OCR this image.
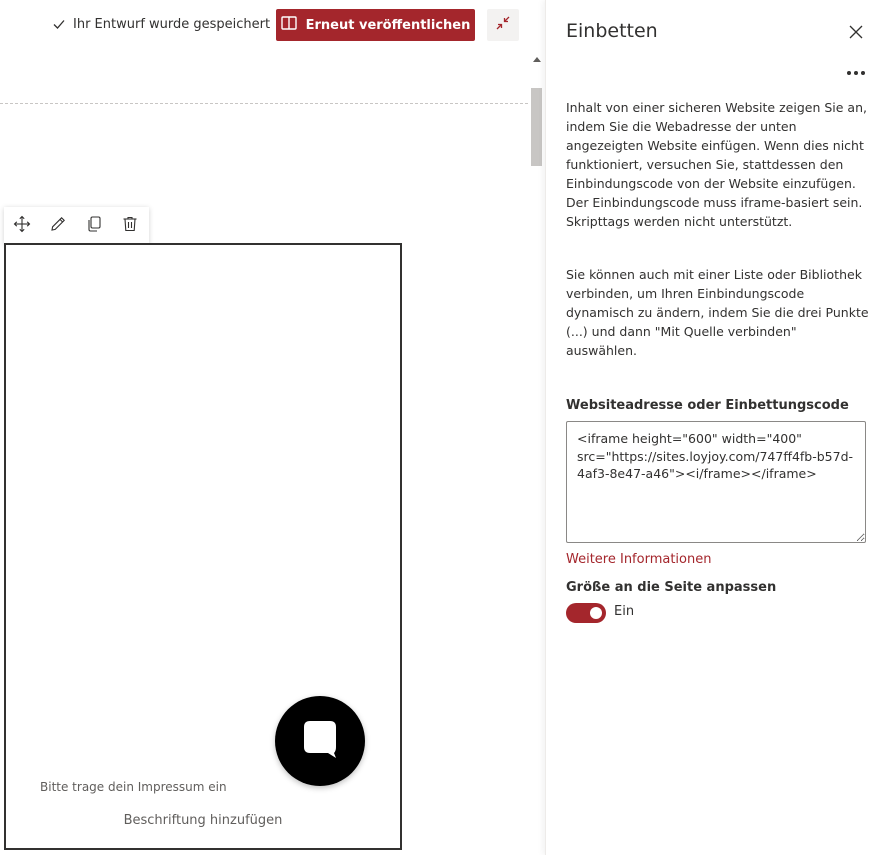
Ihr Entwurf wurde gespeichert	Erneut veröffentlichen
Bitte trage dein Impressum ein
Beschriftung hinzufügen
Einbetten

Inhalt von einer sicheren Website zeigen Sie an, indem Sie die Webadresse der unten angezeigten Website einfügen. Wenn dies nicht funktioniert, versuchen Sie, stattdessen den Einbindungscode von der Website einzufügen. Der Einbindungscode muss iframe-basiert sein. Skripttags werden nicht unterstützt.

Sie können auch mit einer Liste oder Bibliothek verbinden, um Ihren Einbindungscode dynamisch zu ändern, indem Sie die drei Punkte (...) und dann "Mit Quelle verbinden" auswählen.

Websiteadresse oder Einbettungscode
<iframe height="600" width="400" src="https://sites.loyjoy.com/747ff4fb-b57d-4af3-8e47-a46"><i/frame></iframe>
Weitere Informationen
Größe an die Seite anpassen
Ein
